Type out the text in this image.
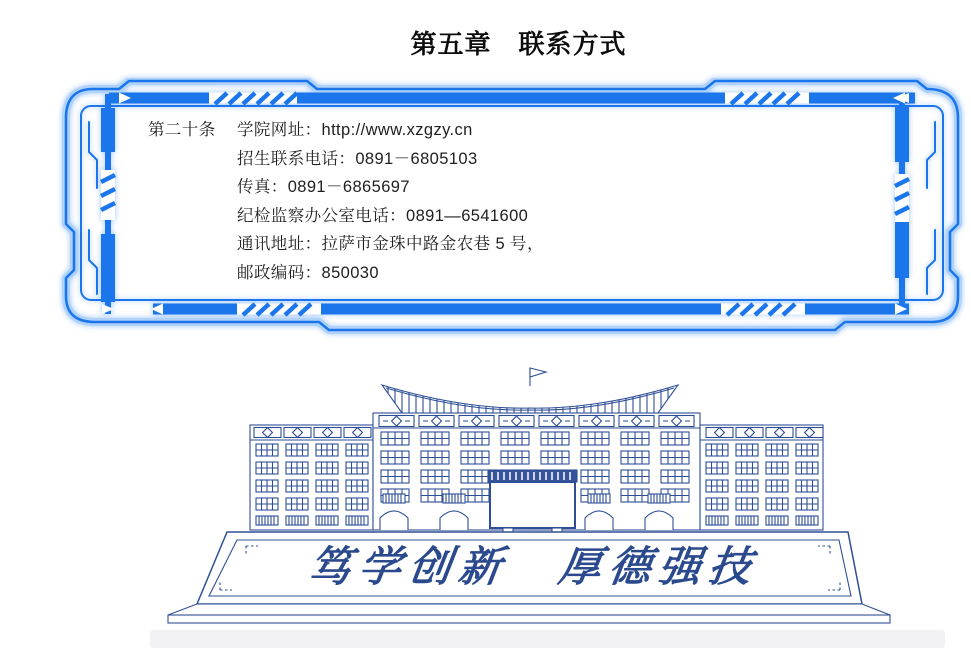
第五章　联系方式
第二十条	学院网址：http://www.xzgzy.cn
招生联系电话：0891－6805103
传真：0891－6865697
纪检监察办公室电话：0891—6541600
通讯地址：拉萨市金珠中路金农巷 5 号，
邮政编码：850030
笃学创新　厚德强技
